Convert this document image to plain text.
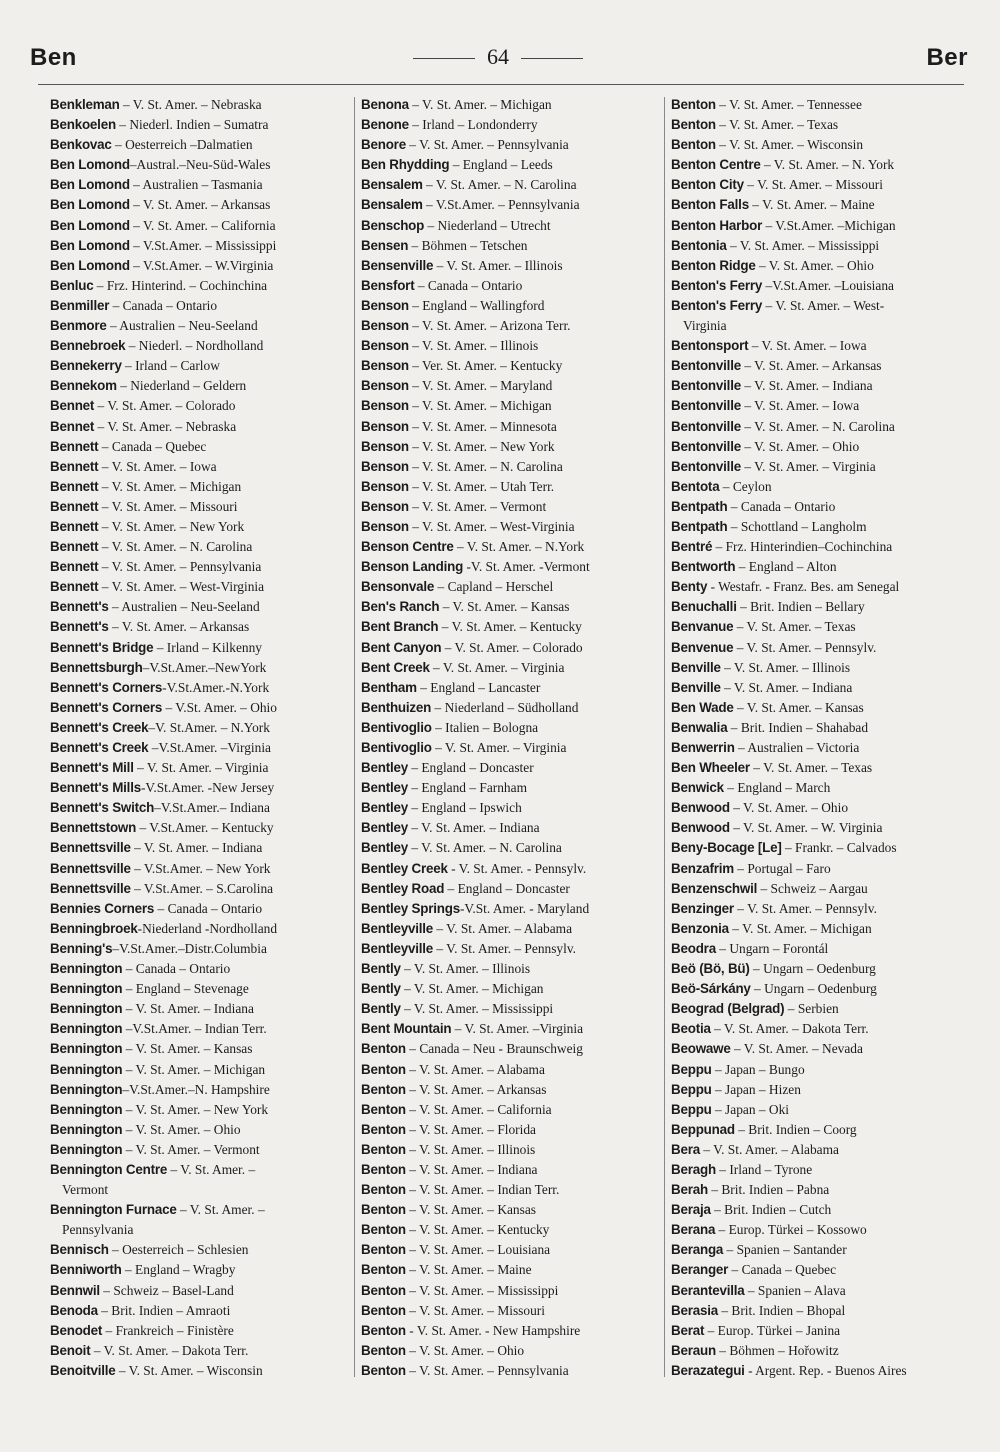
Ben	64	Ber
Benkleman – V. St. Amer. – Nebraska
Benkoelen – Niederl. Indien – Sumatra
Benkovac – Oesterreich –Dalmatien
Ben Lomond–Austral.–Neu-Süd-Wales
Ben Lomond – Australien – Tasmania
Ben Lomond – V. St. Amer. – Arkansas
Ben Lomond – V. St. Amer. – California
Ben Lomond – V.St.Amer. – Mississippi
Ben Lomond – V.St.Amer. – W.Virginia
Benluc – Frz. Hinterind. – Cochinchina
Benmiller – Canada – Ontario
Benmore – Australien – Neu-Seeland
Bennebroek – Niederl. – Nordholland
Bennekerry – Irland – Carlow
Bennekom – Niederland – Geldern
Bennet – V. St. Amer. – Colorado
Bennet – V. St. Amer. – Nebraska
Bennett – Canada – Quebec
Bennett – V. St. Amer. – Iowa
Bennett – V. St. Amer. – Michigan
Bennett – V. St. Amer. – Missouri
Bennett – V. St. Amer. – New York
Bennett – V. St. Amer. – N. Carolina
Bennett – V. St. Amer. – Pennsylvania
Bennett – V. St. Amer. – West-Virginia
Bennett's – Australien – Neu-Seeland
Bennett's – V. St. Amer. – Arkansas
Bennett's Bridge – Irland – Kilkenny
Bennettsburgh–V.St.Amer.–NewYork
Bennett's Corners-V.St.Amer.-N.York
Bennett's Corners – V.St. Amer. – Ohio
Bennett's Creek–V. St.Amer. – N.York
Bennett's Creek –V.St.Amer. –Virginia
Bennett's Mill – V. St. Amer. – Virginia
Bennett's Mills-V.St.Amer. -New Jersey
Bennett's Switch–V.St.Amer.– Indiana
Bennettstown – V.St.Amer. – Kentucky
Bennettsville – V. St. Amer. – Indiana
Bennettsville – V.St.Amer. – New York
Bennettsville – V.St.Amer. – S.Carolina
Bennies Corners – Canada – Ontario
Benningbroek-Niederland -Nordholland
Benning's–V.St.Amer.–Distr.Columbia
Bennington – Canada – Ontario
Bennington – England – Stevenage
Bennington – V. St. Amer. – Indiana
Bennington –V.St.Amer. – Indian Terr.
Bennington – V. St. Amer. – Kansas
Bennington – V. St. Amer. – Michigan
Bennington–V.St.Amer.–N. Hampshire
Bennington – V. St. Amer. – New York
Bennington – V. St. Amer. – Ohio
Bennington – V. St. Amer. – Vermont
Bennington Centre – V. St. Amer. –
Vermont
Bennington Furnace – V. St. Amer. –
Pennsylvania
Bennisch – Oesterreich – Schlesien
Benniworth – England – Wragby
Bennwil – Schweiz – Basel-Land
Benoda – Brit. Indien – Amraoti
Benodet – Frankreich – Finistère
Benoit – V. St. Amer. – Dakota Terr.
Benoitville – V. St. Amer. – Wisconsin
Benona – V. St. Amer. – Michigan
Benone – Irland – Londonderry
Benore – V. St. Amer. – Pennsylvania
Ben Rhydding – England – Leeds
Bensalem – V. St. Amer. – N. Carolina
Bensalem – V.St.Amer. – Pennsylvania
Benschop – Niederland – Utrecht
Bensen – Böhmen – Tetschen
Bensenville – V. St. Amer. – Illinois
Bensfort – Canada – Ontario
Benson – England – Wallingford
Benson – V. St. Amer. – Arizona Terr.
Benson – V. St. Amer. – Illinois
Benson – Ver. St. Amer. – Kentucky
Benson – V. St. Amer. – Maryland
Benson – V. St. Amer. – Michigan
Benson – V. St. Amer. – Minnesota
Benson – V. St. Amer. – New York
Benson – V. St. Amer. – N. Carolina
Benson – V. St. Amer. – Utah Terr.
Benson – V. St. Amer. – Vermont
Benson – V. St. Amer. – West-Virginia
Benson Centre – V. St. Amer. – N.York
Benson Landing -V. St. Amer. -Vermont
Bensonvale – Capland – Herschel
Ben's Ranch – V. St. Amer. – Kansas
Bent Branch – V. St. Amer. – Kentucky
Bent Canyon – V. St. Amer. – Colorado
Bent Creek – V. St. Amer. – Virginia
Bentham – England – Lancaster
Benthuizen – Niederland – Südholland
Bentivoglio – Italien – Bologna
Bentivoglio – V. St. Amer. – Virginia
Bentley – England – Doncaster
Bentley – England – Farnham
Bentley – England – Ipswich
Bentley – V. St. Amer. – Indiana
Bentley – V. St. Amer. – N. Carolina
Bentley Creek - V. St. Amer. - Pennsylv.
Bentley Road – England – Doncaster
Bentley Springs-V.St. Amer. - Maryland
Bentleyville – V. St. Amer. – Alabama
Bentleyville – V. St. Amer. – Pennsylv.
Bently – V. St. Amer. – Illinois
Bently – V. St. Amer. – Michigan
Bently – V. St. Amer. – Mississippi
Bent Mountain – V. St. Amer. –Virginia
Benton – Canada – Neu - Braunschweig
Benton – V. St. Amer. – Alabama
Benton – V. St. Amer. – Arkansas
Benton – V. St. Amer. – California
Benton – V. St. Amer. – Florida
Benton – V. St. Amer. – Illinois
Benton – V. St. Amer. – Indiana
Benton – V. St. Amer. – Indian Terr.
Benton – V. St. Amer. – Kansas
Benton – V. St. Amer. – Kentucky
Benton – V. St. Amer. – Louisiana
Benton – V. St. Amer. – Maine
Benton – V. St. Amer. – Mississippi
Benton – V. St. Amer. – Missouri
Benton - V. St. Amer. - New Hampshire
Benton – V. St. Amer. – Ohio
Benton – V. St. Amer. – Pennsylvania
Benton – V. St. Amer. – Tennessee
Benton – V. St. Amer. – Texas
Benton – V. St. Amer. – Wisconsin
Benton Centre – V. St. Amer. – N. York
Benton City – V. St. Amer. – Missouri
Benton Falls – V. St. Amer. – Maine
Benton Harbor – V.St.Amer. –Michigan
Bentonia – V. St. Amer. – Mississippi
Benton Ridge – V. St. Amer. – Ohio
Benton's Ferry –V.St.Amer. –Louisiana
Benton's Ferry – V. St. Amer. – West-
Virginia
Bentonsport – V. St. Amer. – Iowa
Bentonville – V. St. Amer. – Arkansas
Bentonville – V. St. Amer. – Indiana
Bentonville – V. St. Amer. – Iowa
Bentonville – V. St. Amer. – N. Carolina
Bentonville – V. St. Amer. – Ohio
Bentonville – V. St. Amer. – Virginia
Bentota – Ceylon
Bentpath – Canada – Ontario
Bentpath – Schottland – Langholm
Bentré – Frz. Hinterindien–Cochinchina
Bentworth – England – Alton
Benty - Westafr. - Franz. Bes. am Senegal
Benuchalli – Brit. Indien – Bellary
Benvanue – V. St. Amer. – Texas
Benvenue – V. St. Amer. – Pennsylv.
Benville – V. St. Amer. – Illinois
Benville – V. St. Amer. – Indiana
Ben Wade – V. St. Amer. – Kansas
Benwalia – Brit. Indien – Shahabad
Benwerrin – Australien – Victoria
Ben Wheeler – V. St. Amer. – Texas
Benwick – England – March
Benwood – V. St. Amer. – Ohio
Benwood – V. St. Amer. – W. Virginia
Beny-Bocage [Le] – Frankr. – Calvados
Benzafrim – Portugal – Faro
Benzenschwil – Schweiz – Aargau
Benzinger – V. St. Amer. – Pennsylv.
Benzonia – V. St. Amer. – Michigan
Beodra – Ungarn – Forontál
Beö (Bö, Bü) – Ungarn – Oedenburg
Beö-Sárkány – Ungarn – Oedenburg
Beograd (Belgrad) – Serbien
Beotia – V. St. Amer. – Dakota Terr.
Beowawe – V. St. Amer. – Nevada
Beppu – Japan – Bungo
Beppu – Japan – Hizen
Beppu – Japan – Oki
Beppunad – Brit. Indien – Coorg
Bera – V. St. Amer. – Alabama
Beragh – Irland – Tyrone
Berah – Brit. Indien – Pabna
Beraja – Brit. Indien – Cutch
Berana – Europ. Türkei – Kossowo
Beranga – Spanien – Santander
Beranger – Canada – Quebec
Berantevilla – Spanien – Alava
Berasia – Brit. Indien – Bhopal
Berat – Europ. Türkei – Janina
Beraun – Böhmen – Hořowitz
Berazategui - Argent. Rep. - Buenos Aires
